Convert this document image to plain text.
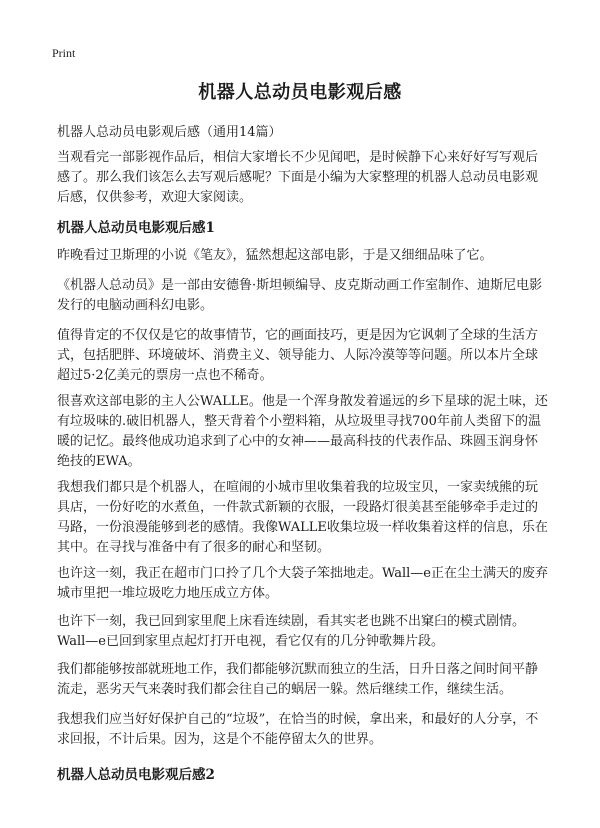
Print
机器人总动员电影观后感
机器人总动员电影观后感（通用14篇）

当观看完一部影视作品后，相信大家增长不少见闻吧，是时候静下心来好好写写观后感了。那么我们该怎么去写观后感呢？下面是小编为大家整理的机器人总动员电影观后感，仅供参考，欢迎大家阅读。

机器人总动员电影观后感1

昨晚看过卫斯理的小说《笔友》，猛然想起这部电影，于是又细细品味了它。

《机器人总动员》是一部由安德鲁·斯坦顿编导、皮克斯动画工作室制作、迪斯尼电影发行的电脑动画科幻电影。

值得肯定的不仅仅是它的故事情节，它的画面技巧，更是因为它讽刺了全球的生活方式，包括肥胖、环境破坏、消费主义、领导能力、人际冷漠等等问题。所以本片全球超过5·2亿美元的票房一点也不稀奇。

很喜欢这部电影的主人公WALLE。他是一个浑身散发着遥远的乡下星球的泥土味，还有垃圾味的.破旧机器人，整天背着个小塑料箱，从垃圾里寻找700年前人类留下的温暖的记忆。最终他成功追求到了心中的女神——最高科技的代表作品、珠圆玉润身怀绝技的EWA。

我想我们都只是个机器人，在喧闹的小城市里收集着我的垃圾宝贝，一家卖绒熊的玩具店，一份好吃的水煮鱼，一件款式新颖的衣服，一段路灯很美甚至能够牵手走过的马路，一份浪漫能够到老的感情。我像WALLE收集垃圾一样收集着这样的信息，乐在其中。在寻找与准备中有了很多的耐心和坚韧。

也许这一刻，我正在超市门口拎了几个大袋子笨拙地走。Wall—e正在尘土满天的废弃城市里把一堆垃圾吃力地压成立方体。

也许下一刻，我已回到家里爬上床看连续剧，看其实老也跳不出窠臼的模式剧情。Wall—e已回到家里点起灯打开电视，看它仅有的几分钟歌舞片段。

我们都能够按部就班地工作，我们都能够沉默而独立的生活，日升日落之间时间平静流走，恶劣天气来袭时我们都会往自己的蜗居一躲。然后继续工作，继续生活。

我想我们应当好好保护自己的“垃圾”，在恰当的时候，拿出来，和最好的人分享，不求回报，不计后果。因为，这是个不能停留太久的世界。

机器人总动员电影观后感2
